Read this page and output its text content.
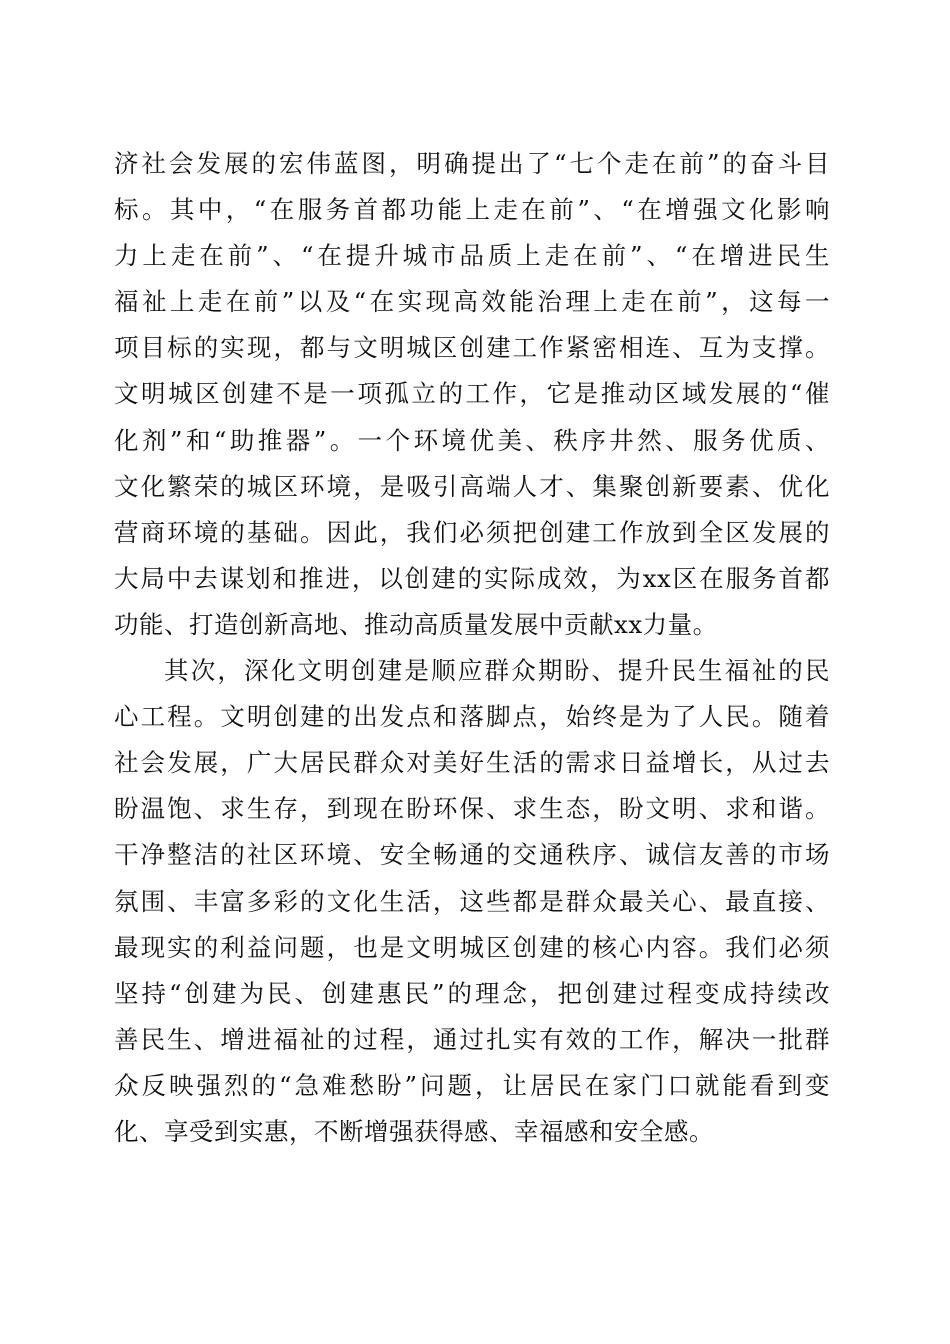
济社会发展的宏伟蓝图，明确提出了“七个走在前”的奋斗目
标。其中，“在服务首都功能上走在前”、“在增强文化影响
力上走在前”、“在提升城市品质上走在前”、“在增进民生
福祉上走在前”以及“在实现高效能治理上走在前”，这每一
项目标的实现，都与文明城区创建工作紧密相连、互为支撑。
文明城区创建不是一项孤立的工作，它是推动区域发展的“催
化剂”和“助推器”。一个环境优美、秩序井然、服务优质、
文化繁荣的城区环境，是吸引高端人才、集聚创新要素、优化
营商环境的基础。因此，我们必须把创建工作放到全区发展的
大局中去谋划和推进，以创建的实际成效，为xx区在服务首都
功能、打造创新高地、推动高质量发展中贡献xx力量。
其次，深化文明创建是顺应群众期盼、提升民生福祉的民
心工程。文明创建的出发点和落脚点，始终是为了人民。随着
社会发展，广大居民群众对美好生活的需求日益增长，从过去
盼温饱、求生存，到现在盼环保、求生态，盼文明、求和谐。
干净整洁的社区环境、安全畅通的交通秩序、诚信友善的市场
氛围、丰富多彩的文化生活，这些都是群众最关心、最直接、
最现实的利益问题，也是文明城区创建的核心内容。我们必须
坚持“创建为民、创建惠民”的理念，把创建过程变成持续改
善民生、增进福祉的过程，通过扎实有效的工作，解决一批群
众反映强烈的“急难愁盼”问题，让居民在家门口就能看到变
化、享受到实惠，不断增强获得感、幸福感和安全感。
